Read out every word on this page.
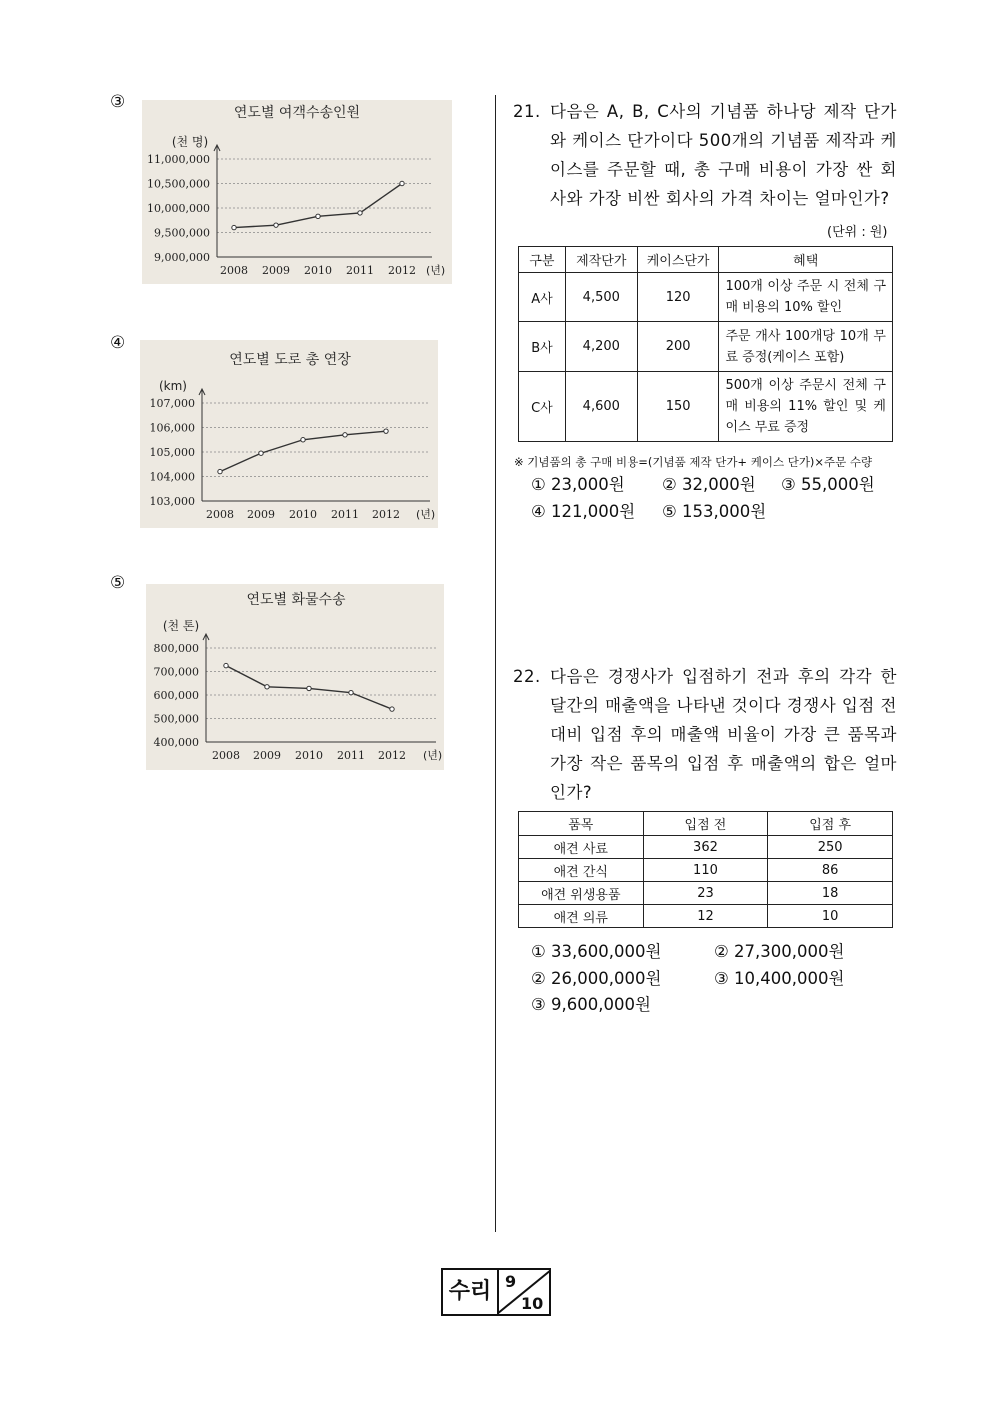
③
④
⑤
연도별 여객수송인원
(천 명)
11,000,000
10,500,000
10,000,000
9,500,000
9,000,000
2008 2009 2010 2011 2012 (년)
연도별 도로 총 연장
(km)
107,000
106,000
105,000
104,000
103,000
2008 2009 2010 2011 2012 (년)
연도별 화물수송
(천 톤)
800,000
700,000
600,000
500,000
400,000
2008 2009 2010 2011 2012 (년)
21. 다음은 A, B, C사의 기념품 하나당 제작 단가와 케이스 단가이다 500개의 기념품 제작과 케이스를 주문할 때, 총 구매 비용이 가장 싼 회사와 가장 비싼 회사의 가격 차이는 얼마인가?
(단위 : 원)
구분	제작단가	케이스단가	혜택
A사	4,500	120	100개 이상 주문 시 전체 구매 비용의 10% 할인
B사	4,200	200	주문 개사 100개당 10개 무료 증정(케이스 포함)
C사	4,600	150	500개 이상 주문시 전체 구매 비용의 11% 할인 및 케이스 무료 증정
※ 기념품의 총 구매 비용=(기념품 제작 단가+ 케이스 단가)×주문 수량
① 23,000원 ② 32,000원 ③ 55,000원
④ 121,000원 ⑤ 153,000원
22. 다음은 경쟁사가 입점하기 전과 후의 각각 한 달간의 매출액을 나타낸 것이다 경쟁사 입점 전 대비 입점 후의 매출액 비율이 가장 큰 품목과 가장 작은 품목의 입점 후 매출액의 합은 얼마인가?
품목	입점 전	입점 후
애견 사료	362	250
애견 간식	110	86
애견 위생용품	23	18
애견 의류	12	10
① 33,600,000원	② 27,300,000원
② 26,000,000원	③ 10,400,000원
③ 9,600,000원
수리 9
10
